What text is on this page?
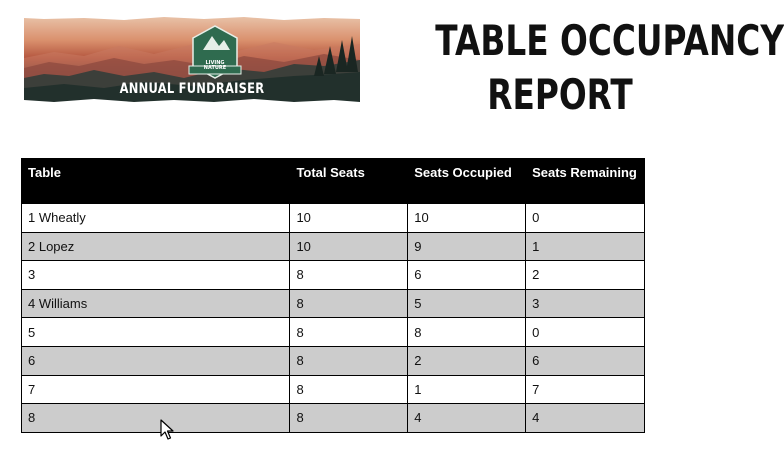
LIVING
NATURE
ANNUAL FUNDRAISER
TABLE OCCUPANCY
REPORT
Table	Total Seats	Seats Occupied	Seats Remaining
1 Wheatly	10	10	0
2 Lopez	10	9	1
3	8	6	2
4 Williams	8	5	3
5	8	8	0
6	8	2	6
7	8	1	7
8	8	4	4
